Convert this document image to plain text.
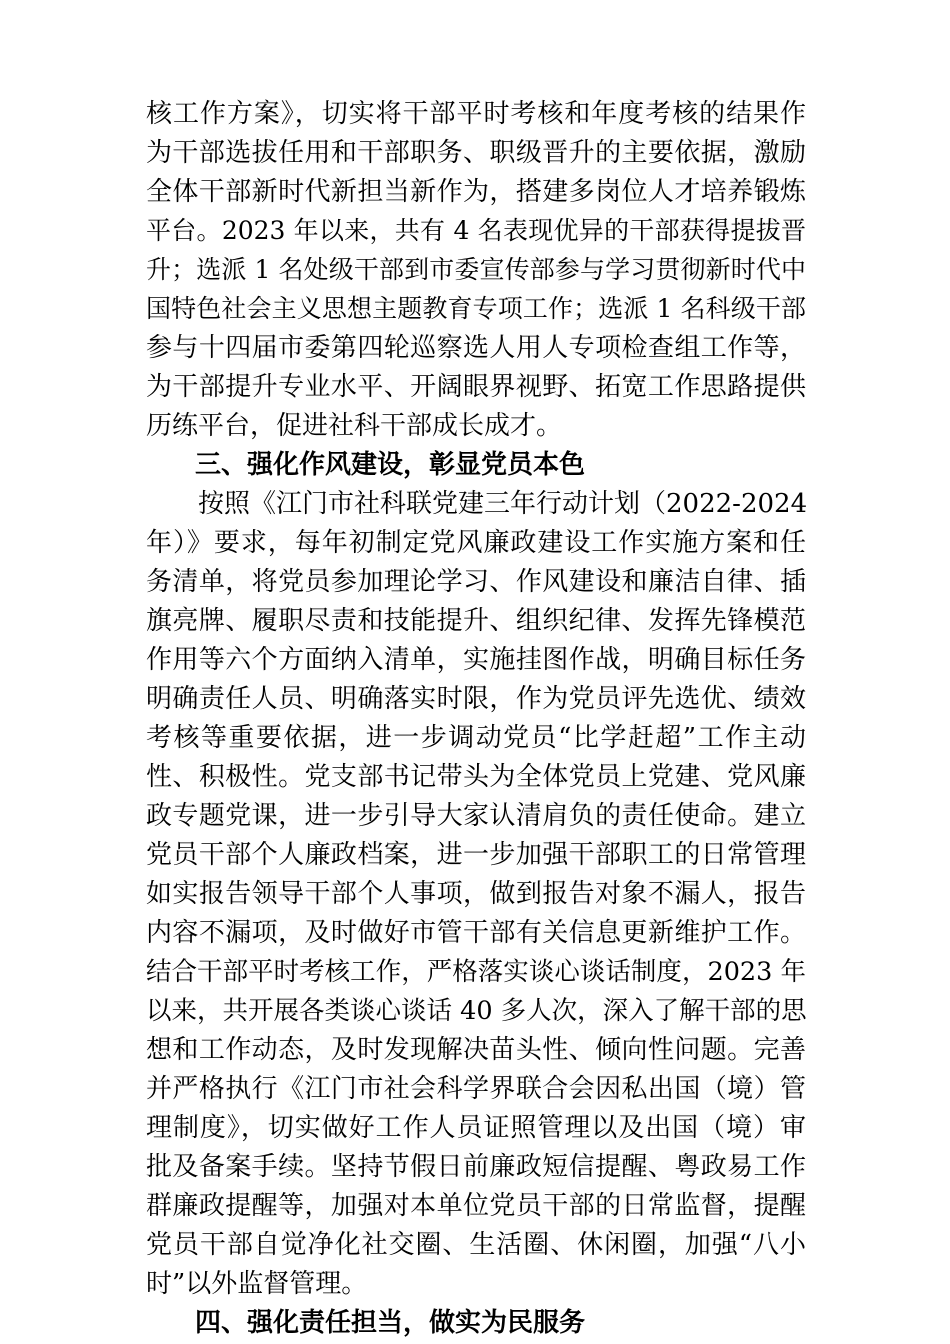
核工作方案》，切实将干部平时考核和年度考核的结果作
为干部选拔任用和干部职务、职级晋升的主要依据，激励
全体干部新时代新担当新作为，搭建多岗位人才培养锻炼
平台。2023 年以来，共有 4 名表现优异的干部获得提拔晋
升；选派 1 名处级干部到市委宣传部参与学习贯彻新时代中
国特色社会主义思想主题教育专项工作；选派 1 名科级干部
参与十四届市委第四轮巡察选人用人专项检查组工作等，
为干部提升专业水平、开阔眼界视野、拓宽工作思路提供
历练平台，促进社科干部成长成才。
三、强化作风建设，彰显党员本色
按照《江门市社科联党建三年行动计划（2022-2024
年）》要求，每年初制定党风廉政建设工作实施方案和任
务清单，将党员参加理论学习、作风建设和廉洁自律、插
旗亮牌、履职尽责和技能提升、组织纪律、发挥先锋模范
作用等六个方面纳入清单，实施挂图作战，明确目标任务
明确责任人员、明确落实时限，作为党员评先选优、绩效
考核等重要依据，进一步调动党员“比学赶超”工作主动
性、积极性。党支部书记带头为全体党员上党建、党风廉
政专题党课，进一步引导大家认清肩负的责任使命。建立
党员干部个人廉政档案，进一步加强干部职工的日常管理
如实报告领导干部个人事项，做到报告对象不漏人，报告
内容不漏项，及时做好市管干部有关信息更新维护工作。
结合干部平时考核工作，严格落实谈心谈话制度，2023 年
以来，共开展各类谈心谈话 40 多人次，深入了解干部的思
想和工作动态，及时发现解决苗头性、倾向性问题。完善
并严格执行《江门市社会科学界联合会因私出国（境）管
理制度》，切实做好工作人员证照管理以及出国（境）审
批及备案手续。坚持节假日前廉政短信提醒、粤政易工作
群廉政提醒等，加强对本单位党员干部的日常监督，提醒
党员干部自觉净化社交圈、生活圈、休闲圈，加强“八小
时”以外监督管理。
四、强化责任担当，做实为民服务
